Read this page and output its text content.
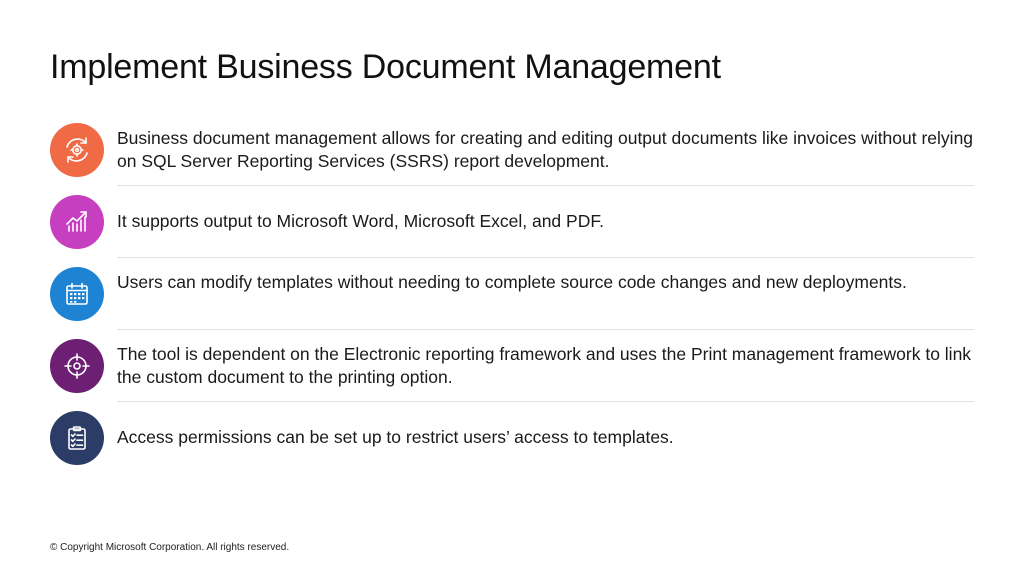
Implement Business Document Management
Business document management allows for creating and editing output documents like invoices without relying on SQL Server Reporting Services (SSRS) report development.
It supports output to Microsoft Word, Microsoft Excel, and PDF.
Users can modify templates without needing to complete source code changes and new deployments.
The tool is dependent on the Electronic reporting framework and uses the Print management framework to link the custom document to the printing option.
Access permissions can be set up to restrict users’ access to templates.
© Copyright Microsoft Corporation. All rights reserved.
